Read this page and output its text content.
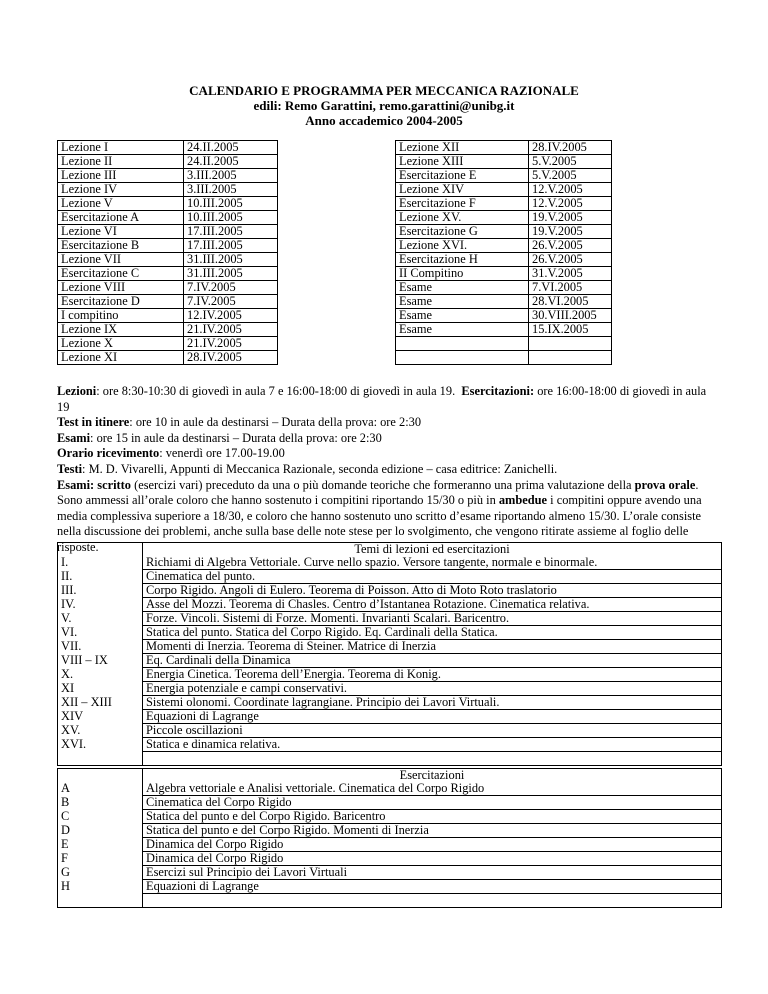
CALENDARIO E PROGRAMMA PER MECCANICA RAZIONALE
edili: Remo Garattini, remo.garattini@unibg.it
Anno accademico 2004-2005
Lezione I	24.II.2005
Lezione II	24.II.2005
Lezione III	3.III.2005
Lezione IV	3.III.2005
Lezione V	10.III.2005
Esercitazione A	10.III.2005
Lezione VI	17.III.2005
Esercitazione B	17.III.2005
Lezione VII	31.III.2005
Esercitazione C	31.III.2005
Lezione VIII	7.IV.2005
Esercitazione D	7.IV.2005
I compitino	12.IV.2005
Lezione IX	21.IV.2005
Lezione X	21.IV.2005
Lezione XI	28.IV.2005
Lezione XII	28.IV.2005
Lezione XIII	5.V.2005
Esercitazione E	5.V.2005
Lezione XIV	12.V.2005
Esercitazione F	12.V.2005
Lezione XV.	19.V.2005
Esercitazione G	19.V.2005
Lezione XVI.	26.V.2005
Esercitazione H	26.V.2005
II Compitino	31.V.2005
Esame	7.VI.2005
Esame	28.VI.2005
Esame	30.VIII.2005
Esame	15.IX.2005

Lezioni: ore 8:30-10:30 di giovedì in aula 7 e 16:00-18:00 di giovedì in aula 19. Esercitazioni: ore 16:00-18:00 di giovedì in aula 19

Test in itinere: ore 10 in aule da destinarsi – Durata della prova: ore 2:30

Esami: ore 15 in aule da destinarsi – Durata della prova: ore 2:30

Orario ricevimento: venerdì ore 17.00-19.00

Testi: M. D. Vivarelli, Appunti di Meccanica Razionale, seconda edizione – casa editrice: Zanichelli.

Esami: scritto (esercizi vari) preceduto da una o più domande teoriche che formeranno una prima valutazione della prova orale. Sono ammessi all’orale coloro che hanno sostenuto i compitini riportando 15/30 o più in ambedue i compitini oppure avendo una media complessiva superiore a 18/30, e coloro che hanno sostenuto uno scritto d’esame riportando almeno 15/30. L’orale consiste nella discussione dei problemi, anche sulla base delle note stese per lo svolgimento, che vengono ritirate assieme al foglio delle risposte.

		Temi di lezioni ed esercitazioni
I.	Richiami di Algebra Vettoriale. Curve nello spazio. Versore tangente, normale e binormale.
II.	Cinematica del punto.
III.	Corpo Rigido. Angoli di Eulero. Teorema di Poisson. Atto di Moto Roto traslatorio
IV.	Asse del Mozzi. Teorema di Chasles. Centro d’Istantanea Rotazione. Cinematica relativa.
V.	Forze. Vincoli. Sistemi di Forze. Momenti. Invarianti Scalari. Baricentro.
VI.	Statica del punto. Statica del Corpo Rigido. Eq. Cardinali della Statica.
VII.	Momenti di Inerzia. Teorema di Steiner. Matrice di Inerzia
VIII – IX	Eq. Cardinali della Dinamica
X.	Energia Cinetica. Teorema dell’Energia. Teorema di Konig.
XI	Energia potenziale e campi conservativi.
XII – XIII	Sistemi olonomi. Coordinate lagrangiane. Principio dei Lavori Virtuali.
XIV	Equazioni di Lagrange
XV.	Piccole oscillazioni
XVI.	Statica e dinamica relativa.

	Esercitazioni
A	Algebra vettoriale e Analisi vettoriale. Cinematica del Corpo Rigido
B	Cinematica del Corpo Rigido
C	Statica del punto e del Corpo Rigido. Baricentro
D	Statica del punto e del Corpo Rigido. Momenti di Inerzia
E	Dinamica del Corpo Rigido
F	Dinamica del Corpo Rigido
G	Esercizi sul Principio dei Lavori Virtuali
H	Equazioni di Lagrange
